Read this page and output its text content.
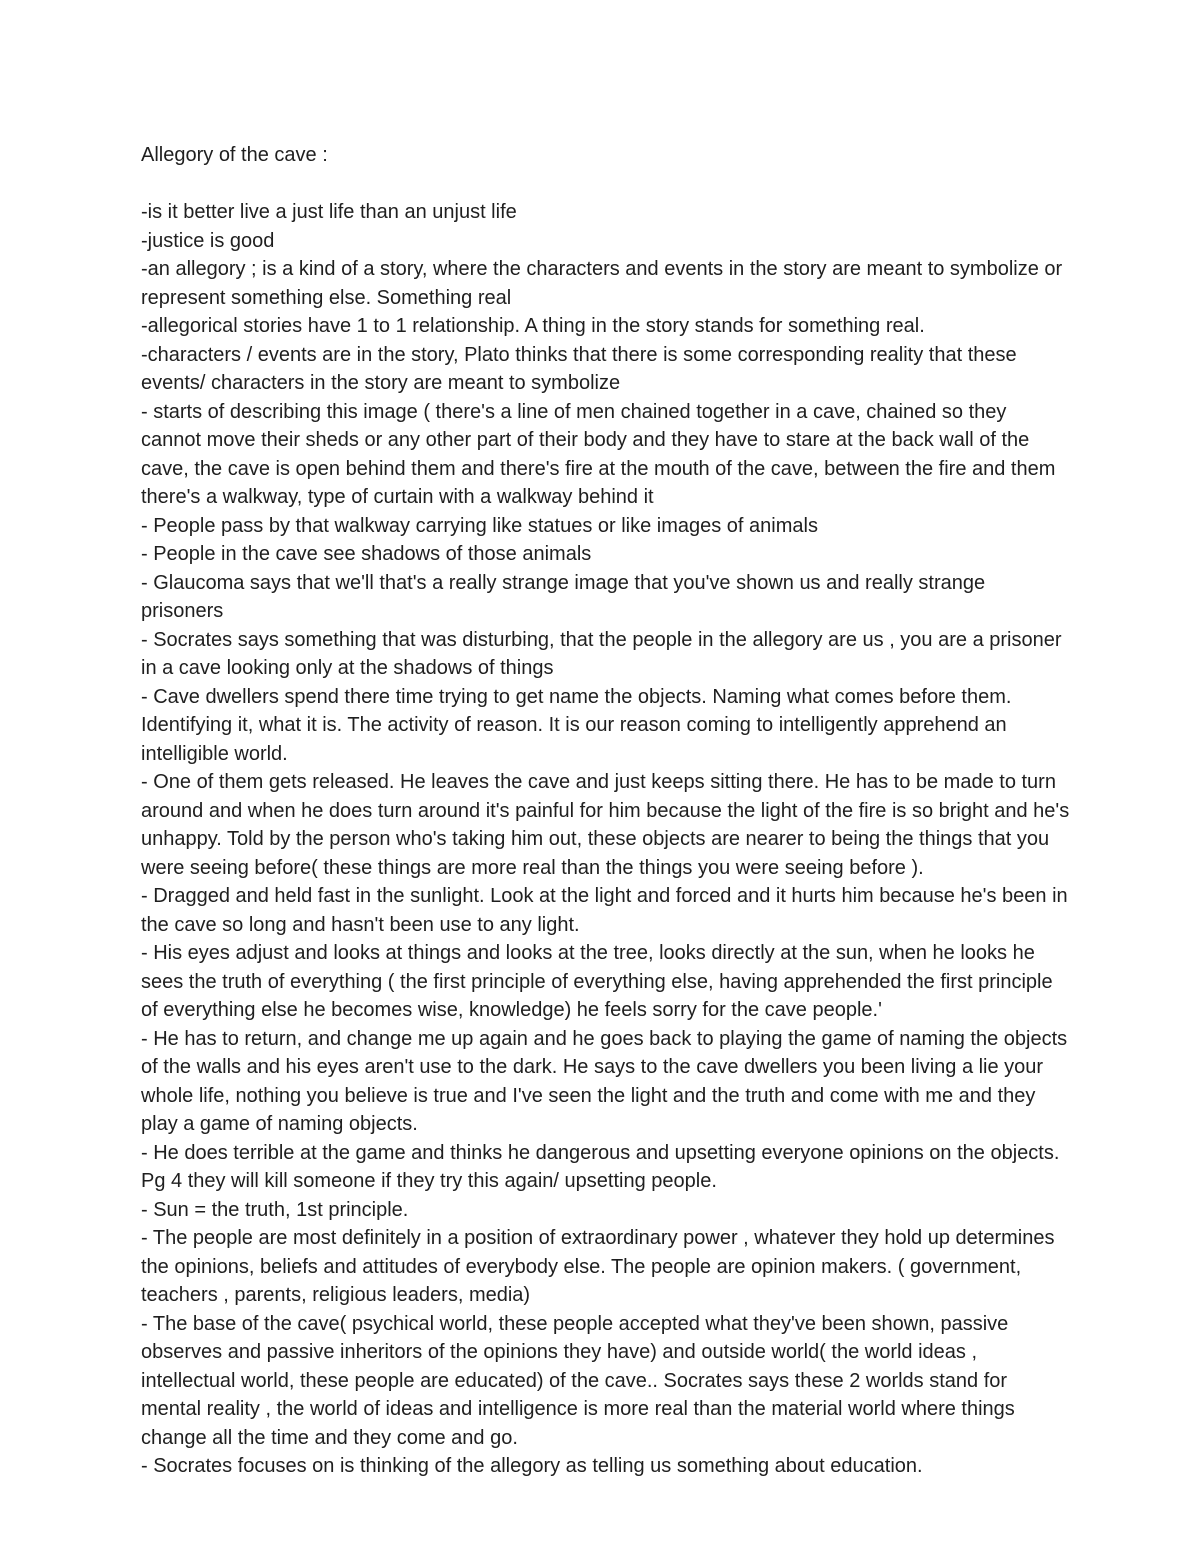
Allegory of the cave :

-is it better live a just life than an unjust life
-justice is good
-an allegory ; is a kind of a story, where the characters and events in the story are meant to symbolize or represent something else. Something real
-allegorical stories have 1 to 1 relationship. A thing in the story stands for something real.
-characters / events are in the story, Plato thinks that there is some corresponding reality that these events/ characters in the story are meant to symbolize
- starts of describing this image ( there's a line of men chained together in a cave, chained so they cannot move their sheds or any other part of their body and they have to stare at the back wall of the cave, the cave is open behind them and there's fire at the mouth of the cave, between the fire and them there's a walkway, type of curtain with a walkway behind it
- People pass by that walkway carrying like statues or like images of animals
- People in the cave see shadows of those animals
- Glaucoma says that we'll that's a really strange image that you've shown us and really strange prisoners
- Socrates says something that was disturbing, that the people in the allegory are us , you are a prisoner in a cave looking only at the shadows of things
- Cave dwellers spend there time trying to get name the objects. Naming what comes before them. Identifying it, what it is. The activity of reason. It is our reason coming to intelligently apprehend an intelligible world.
- One of them gets released. He leaves the cave and just keeps sitting there. He has to be made to turn around and when he does turn around it's painful for him because the light of the fire is so bright and he's unhappy. Told by the person who's taking him out, these objects are nearer to being the things that you were seeing before( these things are more real than the things you were seeing before ).
- Dragged and held fast in the sunlight. Look at the light and forced and it hurts him because he's been in the cave so long and hasn't been use to any light.
- His eyes adjust and looks at things and looks at the tree, looks directly at the sun, when he looks he sees the truth of everything ( the first principle of everything else, having apprehended the first principle of everything else he becomes wise, knowledge) he feels sorry for the cave people.'
- He has to return, and change me up again and he goes back to playing the game of naming the objects of the walls and his eyes aren't use to the dark. He says to the cave dwellers you been living a lie your whole life, nothing you believe is true and I've seen the light and the truth and come with me and they play a game of naming objects.
- He does terrible at the game and thinks he dangerous and upsetting everyone opinions on the objects. Pg 4 they will kill someone if they try this again/ upsetting people.
- Sun = the truth, 1st principle.
- The people are most definitely in a position of extraordinary power , whatever they hold up determines the opinions, beliefs and attitudes of everybody else. The people are opinion makers. ( government, teachers , parents, religious leaders, media)
- The base of the cave( psychical world, these people accepted what they've been shown, passive observes and passive inheritors of the opinions they have) and outside world( the world ideas , intellectual world, these people are educated) of the cave.. Socrates says these 2 worlds stand for mental reality , the world of ideas and intelligence is more real than the material world where things change all the time and they come and go.
- Socrates focuses on is thinking of the allegory as telling us something about education.
